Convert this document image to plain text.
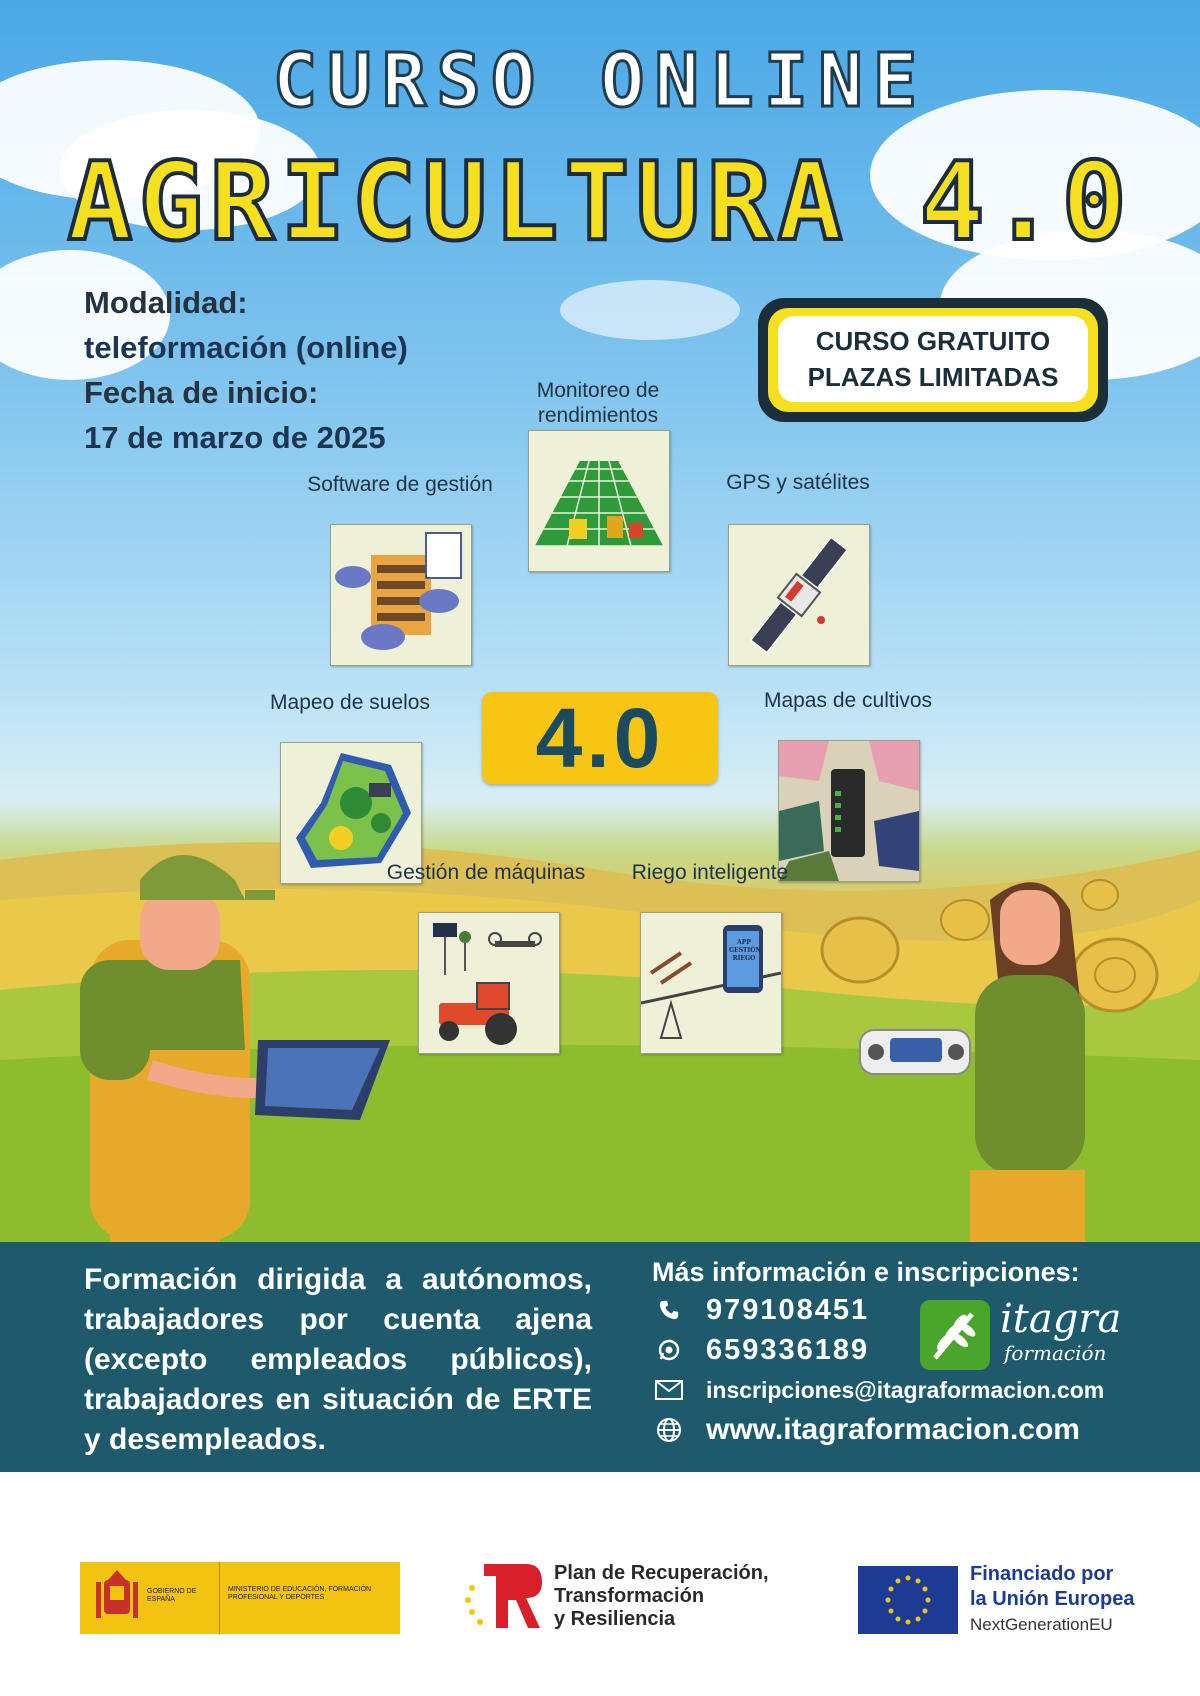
CURSO ONLINE
AGRICULTURA 4.0
Modalidad:
teleformación (online)
Fecha de inicio:
17 de marzo de 2025
CURSO GRATUITO
PLAZAS LIMITADAS
Monitoreo de rendimientos
Software de gestión	GPS y satélites
4.0
Mapeo de suelos	Mapas de cultivos
Gestión de máquinas	Riego inteligente
APP GESTIÓN RIEGO
Formación dirigida a autónomos, trabajadores por cuenta ajena (excepto empleados públicos), trabajadores en situación de ERTE y desempleados.
Más información e inscripciones:
979108451
659336189
inscripciones@itagraformacion.com
www.itagraformacion.com
itagra
formación
GOBIERNO DE ESPAÑA
MINISTERIO DE EDUCACIÓN, FORMACIÓN PROFESIONAL Y DEPORTES
Plan de Recuperación,
Transformación
y Resiliencia
Financiado por
la Unión Europea
NextGenerationEU
